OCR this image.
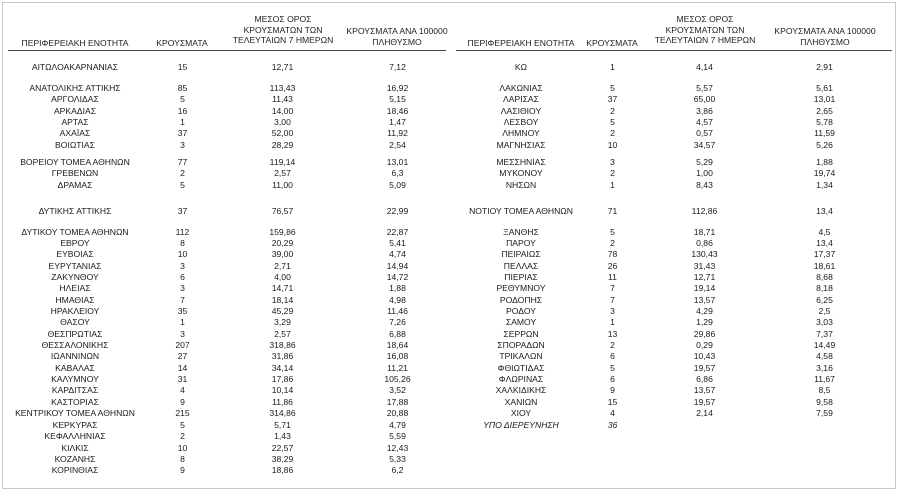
ΠΕΡΙΦΕΡΕΙΑΚΗ ΕΝΟΤΗΤΑ	ΚΡΟΥΣΜΑΤΑ
ΜΕΣΟΣ ΟΡΟΣ ΚΡΟΥΣΜΑΤΩΝ ΤΩΝ ΤΕΛΕΥΤΑΙΩΝ 7 ΗΜΕΡΩΝ
ΚΡΟΥΣΜΑΤΑ ΑΝΑ 100000 ΠΛΗΘΥΣΜΟ	ΠΕΡΙΦΕΡΕΙΑΚΗ ΕΝΟΤΗΤΑ	ΚΡΟΥΣΜΑΤΑ
ΜΕΣΟΣ ΟΡΟΣ ΚΡΟΥΣΜΑΤΩΝ ΤΩΝ ΤΕΛΕΥΤΑΙΩΝ 7 ΗΜΕΡΩΝ
ΚΡΟΥΣΜΑΤΑ ΑΝΑ 100000 ΠΛΗΘΥΣΜΟ
ΑΙΤΩΛΟΑΚΑΡΝΑΝΙΑΣ	15	12,71	7,12
ΑΝΑΤΟΛΙΚΗΣ ΑΤΤΙΚΗΣ	85	113,43	16,92
ΑΡΓΟΛΙΔΑΣ	5	11,43	5,15
ΑΡΚΑΔΙΑΣ	16	14,00	18,46
ΑΡΤΑΣ	1	3,00	1,47
ΑΧΑΪΑΣ	37	52,00	11,92
ΒΟΙΩΤΙΑΣ	3	28,29	2,54
ΒΟΡΕΙΟΥ ΤΟΜΕΑ ΑΘΗΝΩΝ	77	119,14	13,01
ΓΡΕΒΕΝΩΝ	2	2,57	6,3
ΔΡΑΜΑΣ	5	11,00	5,09
ΔΥΤΙΚΗΣ ΑΤΤΙΚΗΣ	37	76,57	22,99
ΔΥΤΙΚΟΥ ΤΟΜΕΑ ΑΘΗΝΩΝ	112	159,86	22,87
ΕΒΡΟΥ	8	20,29	5,41
ΕΥΒΟΙΑΣ	10	39,00	4,74
ΕΥΡΥΤΑΝΙΑΣ	3	2,71	14,94
ΖΑΚΥΝΘΟΥ	6	4,00	14,72
ΗΛΕΙΑΣ	3	14,71	1,88
ΗΜΑΘΙΑΣ	7	18,14	4,98
ΗΡΑΚΛΕΙΟΥ	35	45,29	11,46
ΘΑΣΟΥ	1	3,29	7,26
ΘΕΣΠΡΩΤΙΑΣ	3	2,57	6,88
ΘΕΣΣΑΛΟΝΙΚΗΣ	207	318,86	18,64
ΙΩΑΝΝΙΝΩΝ	27	31,86	16,08
ΚΑΒΑΛΑΣ	14	34,14	11,21
ΚΑΛΥΜΝΟΥ	31	17,86	105,26
ΚΑΡΔΙΤΣΑΣ	4	10,14	3,52
ΚΑΣΤΟΡΙΑΣ	9	11,86	17,88
ΚΕΝΤΡΙΚΟΥ ΤΟΜΕΑ ΑΘΗΝΩΝ	215	314,86	20,88
ΚΕΡΚΥΡΑΣ	5	5,71	4,79
ΚΕΦΑΛΛΗΝΙΑΣ	2	1,43	5,59
ΚΙΛΚΙΣ	10	22,57	12,43
ΚΟΖΑΝΗΣ	8	38,29	5,33
ΚΟΡΙΝΘΙΑΣ	9	18,86	6,2
ΚΩ	1	4,14	2,91
ΛΑΚΩΝΙΑΣ	5	5,57	5,61
ΛΑΡΙΣΑΣ	37	65,00	13,01
ΛΑΣΙΘΙΟΥ	2	3,86	2,65
ΛΕΣΒΟΥ	5	4,57	5,78
ΛΗΜΝΟΥ	2	0,57	11,59
ΜΑΓΝΗΣΙΑΣ	10	34,57	5,26
ΜΕΣΣΗΝΙΑΣ	3	5,29	1,88
ΜΥΚΟΝΟΥ	2	1,00	19,74
ΝΗΣΩΝ	1	8,43	1,34
ΝΟΤΙΟΥ ΤΟΜΕΑ ΑΘΗΝΩΝ	71	112,86	13,4
ΞΑΝΘΗΣ	5	18,71	4,5
ΠΑΡΟΥ	2	0,86	13,4
ΠΕΙΡΑΙΩΣ	78	130,43	17,37
ΠΕΛΛΑΣ	26	31,43	18,61
ΠΙΕΡΙΑΣ	11	12,71	8,68
ΡΕΘΥΜΝΟΥ	7	19,14	8,18
ΡΟΔΟΠΗΣ	7	13,57	6,25
ΡΟΔΟΥ	3	4,29	2,5
ΣΑΜΟΥ	1	1,29	3,03
ΣΕΡΡΩΝ	13	29,86	7,37
ΣΠΟΡΑΔΩΝ	2	0,29	14,49
ΤΡΙΚΑΛΩΝ	6	10,43	4,58
ΦΘΙΩΤΙΔΑΣ	5	19,57	3,16
ΦΛΩΡΙΝΑΣ	6	6,86	11,67
ΧΑΛΚΙΔΙΚΗΣ	9	13,57	8,5
ΧΑΝΙΩΝ	15	19,57	9,58
ΧΙΟΥ	4	2,14	7,59
ΥΠΟ ΔΙΕΡΕΥΝΗΣΗ	36
